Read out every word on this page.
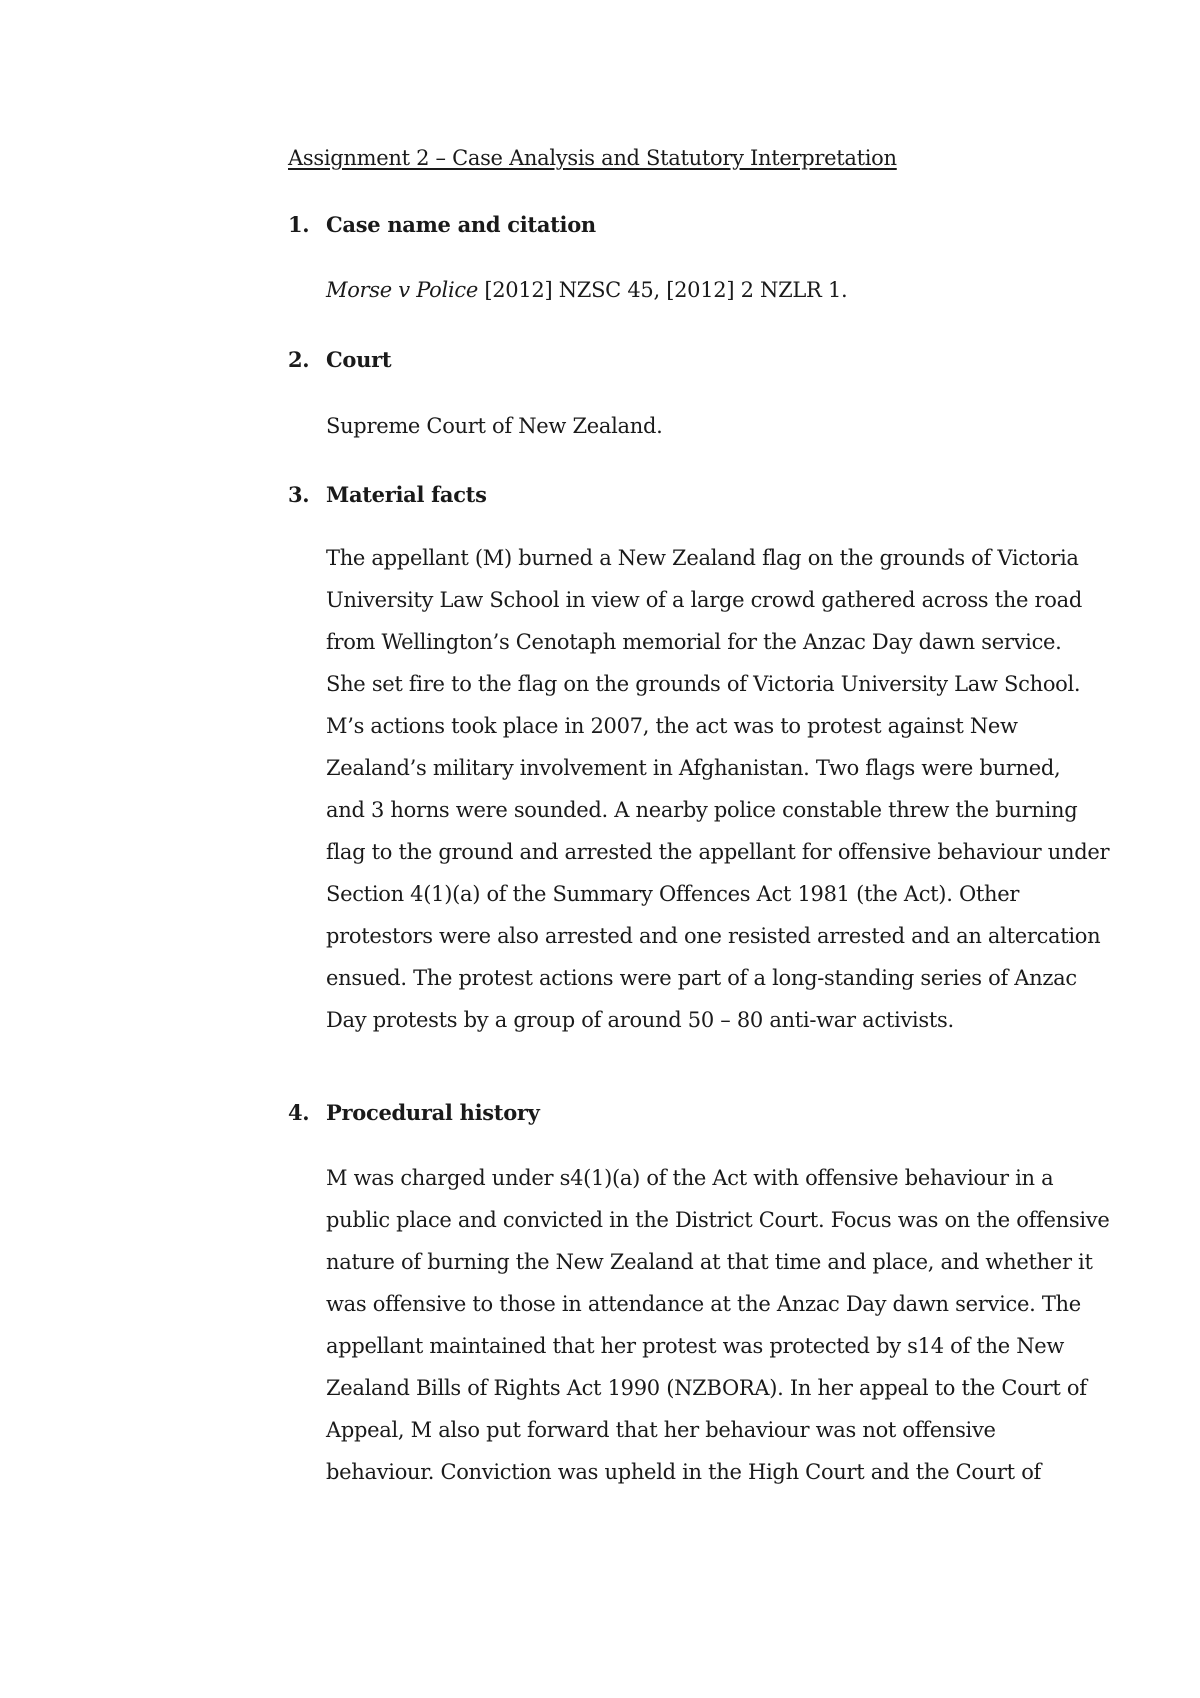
Assignment 2 – Case Analysis and Statutory Interpretation
1. Case name and citation
Morse v Police [2012] NZSC 45, [2012] 2 NZLR 1.
2. Court
Supreme Court of New Zealand.
3. Material facts
The appellant (M) burned a New Zealand flag on the grounds of Victoria
University Law School in view of a large crowd gathered across the road
from Wellington’s Cenotaph memorial for the Anzac Day dawn service.
She set fire to the flag on the grounds of Victoria University Law School.
M’s actions took place in 2007, the act was to protest against New
Zealand’s military involvement in Afghanistan. Two flags were burned,
and 3 horns were sounded. A nearby police constable threw the burning
flag to the ground and arrested the appellant for offensive behaviour under
Section 4(1)(a) of the Summary Offences Act 1981 (the Act). Other
protestors were also arrested and one resisted arrested and an altercation
ensued. The protest actions were part of a long-standing series of Anzac
Day protests by a group of around 50 – 80 anti-war activists.
4. Procedural history
M was charged under s4(1)(a) of the Act with offensive behaviour in a
public place and convicted in the District Court. Focus was on the offensive
nature of burning the New Zealand at that time and place, and whether it
was offensive to those in attendance at the Anzac Day dawn service. The
appellant maintained that her protest was protected by s14 of the New
Zealand Bills of Rights Act 1990 (NZBORA). In her appeal to the Court of
Appeal, M also put forward that her behaviour was not offensive
behaviour. Conviction was upheld in the High Court and the Court of
